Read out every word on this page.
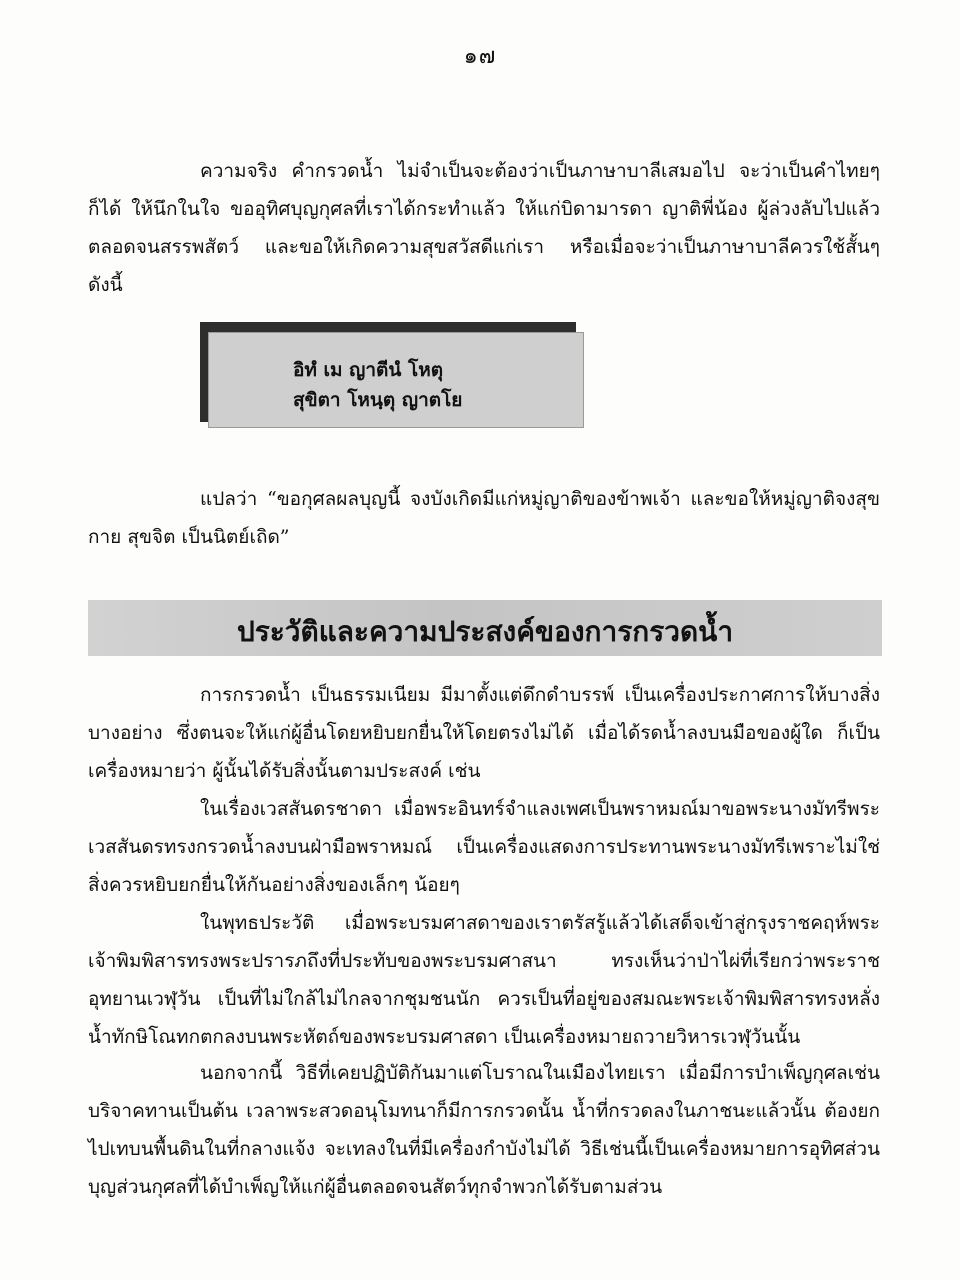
๑๗

ความจริง คำกรวดน้ำ ไม่จำเป็นจะต้องว่าเป็นภาษาบาลีเสมอไป จะว่าเป็นคำไทยๆก็ได้ ให้นึกในใจ ขออุทิศบุญกุศลที่เราได้กระทำแล้ว ให้แก่บิดามารดา ญาติพี่น้อง ผู้ล่วงลับไปแล้วตลอดจนสรรพสัตว์ และขอให้เกิดความสุขสวัสดีแก่เรา หรือเมื่อจะว่าเป็นภาษาบาลีควรใช้สั้นๆ ดังนี้

อิทํ เม ญาตีนํ โหตุ
สุขิตา โหนฺตุ ญาตโย

แปลว่า “ขอกุศลผลบุญนี้ จงบังเกิดมีแก่หมู่ญาติของข้าพเจ้า และขอให้หมู่ญาติจงสุขกาย สุขจิต เป็นนิตย์เถิด”

ประวัติและความประสงค์ของการกรวดน้ำ

การกรวดน้ำ เป็นธรรมเนียม มีมาตั้งแต่ดึกดำบรรพ์ เป็นเครื่องประกาศการให้บางสิ่งบางอย่าง ซึ่งตนจะให้แก่ผู้อื่นโดยหยิบยกยื่นให้โดยตรงไม่ได้ เมื่อได้รดน้ำลงบนมือของผู้ใด ก็เป็นเครื่องหมายว่า ผู้นั้นได้รับสิ่งนั้นตามประสงค์ เช่น

ในเรื่องเวสสันดรชาดา เมื่อพระอินทร์จำแลงเพศเป็นพราหมณ์มาขอพระนางมัทรีพระเวสสันดรทรงกรวดน้ำลงบนฝ่ามือพราหมณ์ เป็นเครื่องแสดงการประทานพระนางมัทรีเพราะไม่ใช่สิ่งควรหยิบยกยื่นให้กันอย่างสิ่งของเล็กๆ น้อยๆ

ในพุทธประวัติ เมื่อพระบรมศาสดาของเราตรัสรู้แล้วได้เสด็จเข้าสู่กรุงราชคฤห์พระเจ้าพิมพิสารทรงพระปรารภถึงที่ประทับของพระบรมศาสนา ทรงเห็นว่าป่าไผ่ที่เรียกว่าพระราชอุทยานเวฬุวัน เป็นที่ไม่ใกล้ไม่ไกลจากชุมชนนัก ควรเป็นที่อยู่ของสมณะพระเจ้าพิมพิสารทรงหลั่งน้ำทักษิโณทกตกลงบนพระหัตถ์ของพระบรมศาสดา เป็นเครื่องหมายถวายวิหารเวฬุวันนั้น

นอกจากนี้ วิธีที่เคยปฏิบัติกันมาแต่โบราณในเมืองไทยเรา เมื่อมีการบำเพ็ญกุศลเช่นบริจาคทานเป็นต้น เวลาพระสวดอนุโมทนาก็มีการกรวดนั้น น้ำที่กรวดลงในภาชนะแล้วนั้น ต้องยกไปเทบนพื้นดินในที่กลางแจ้ง จะเทลงในที่มีเครื่องกำบังไม่ได้ วิธีเช่นนี้เป็นเครื่องหมายการอุทิศส่วนบุญส่วนกุศลที่ได้บำเพ็ญให้แก่ผู้อื่นตลอดจนสัตว์ทุกจำพวกได้รับตามส่วน
